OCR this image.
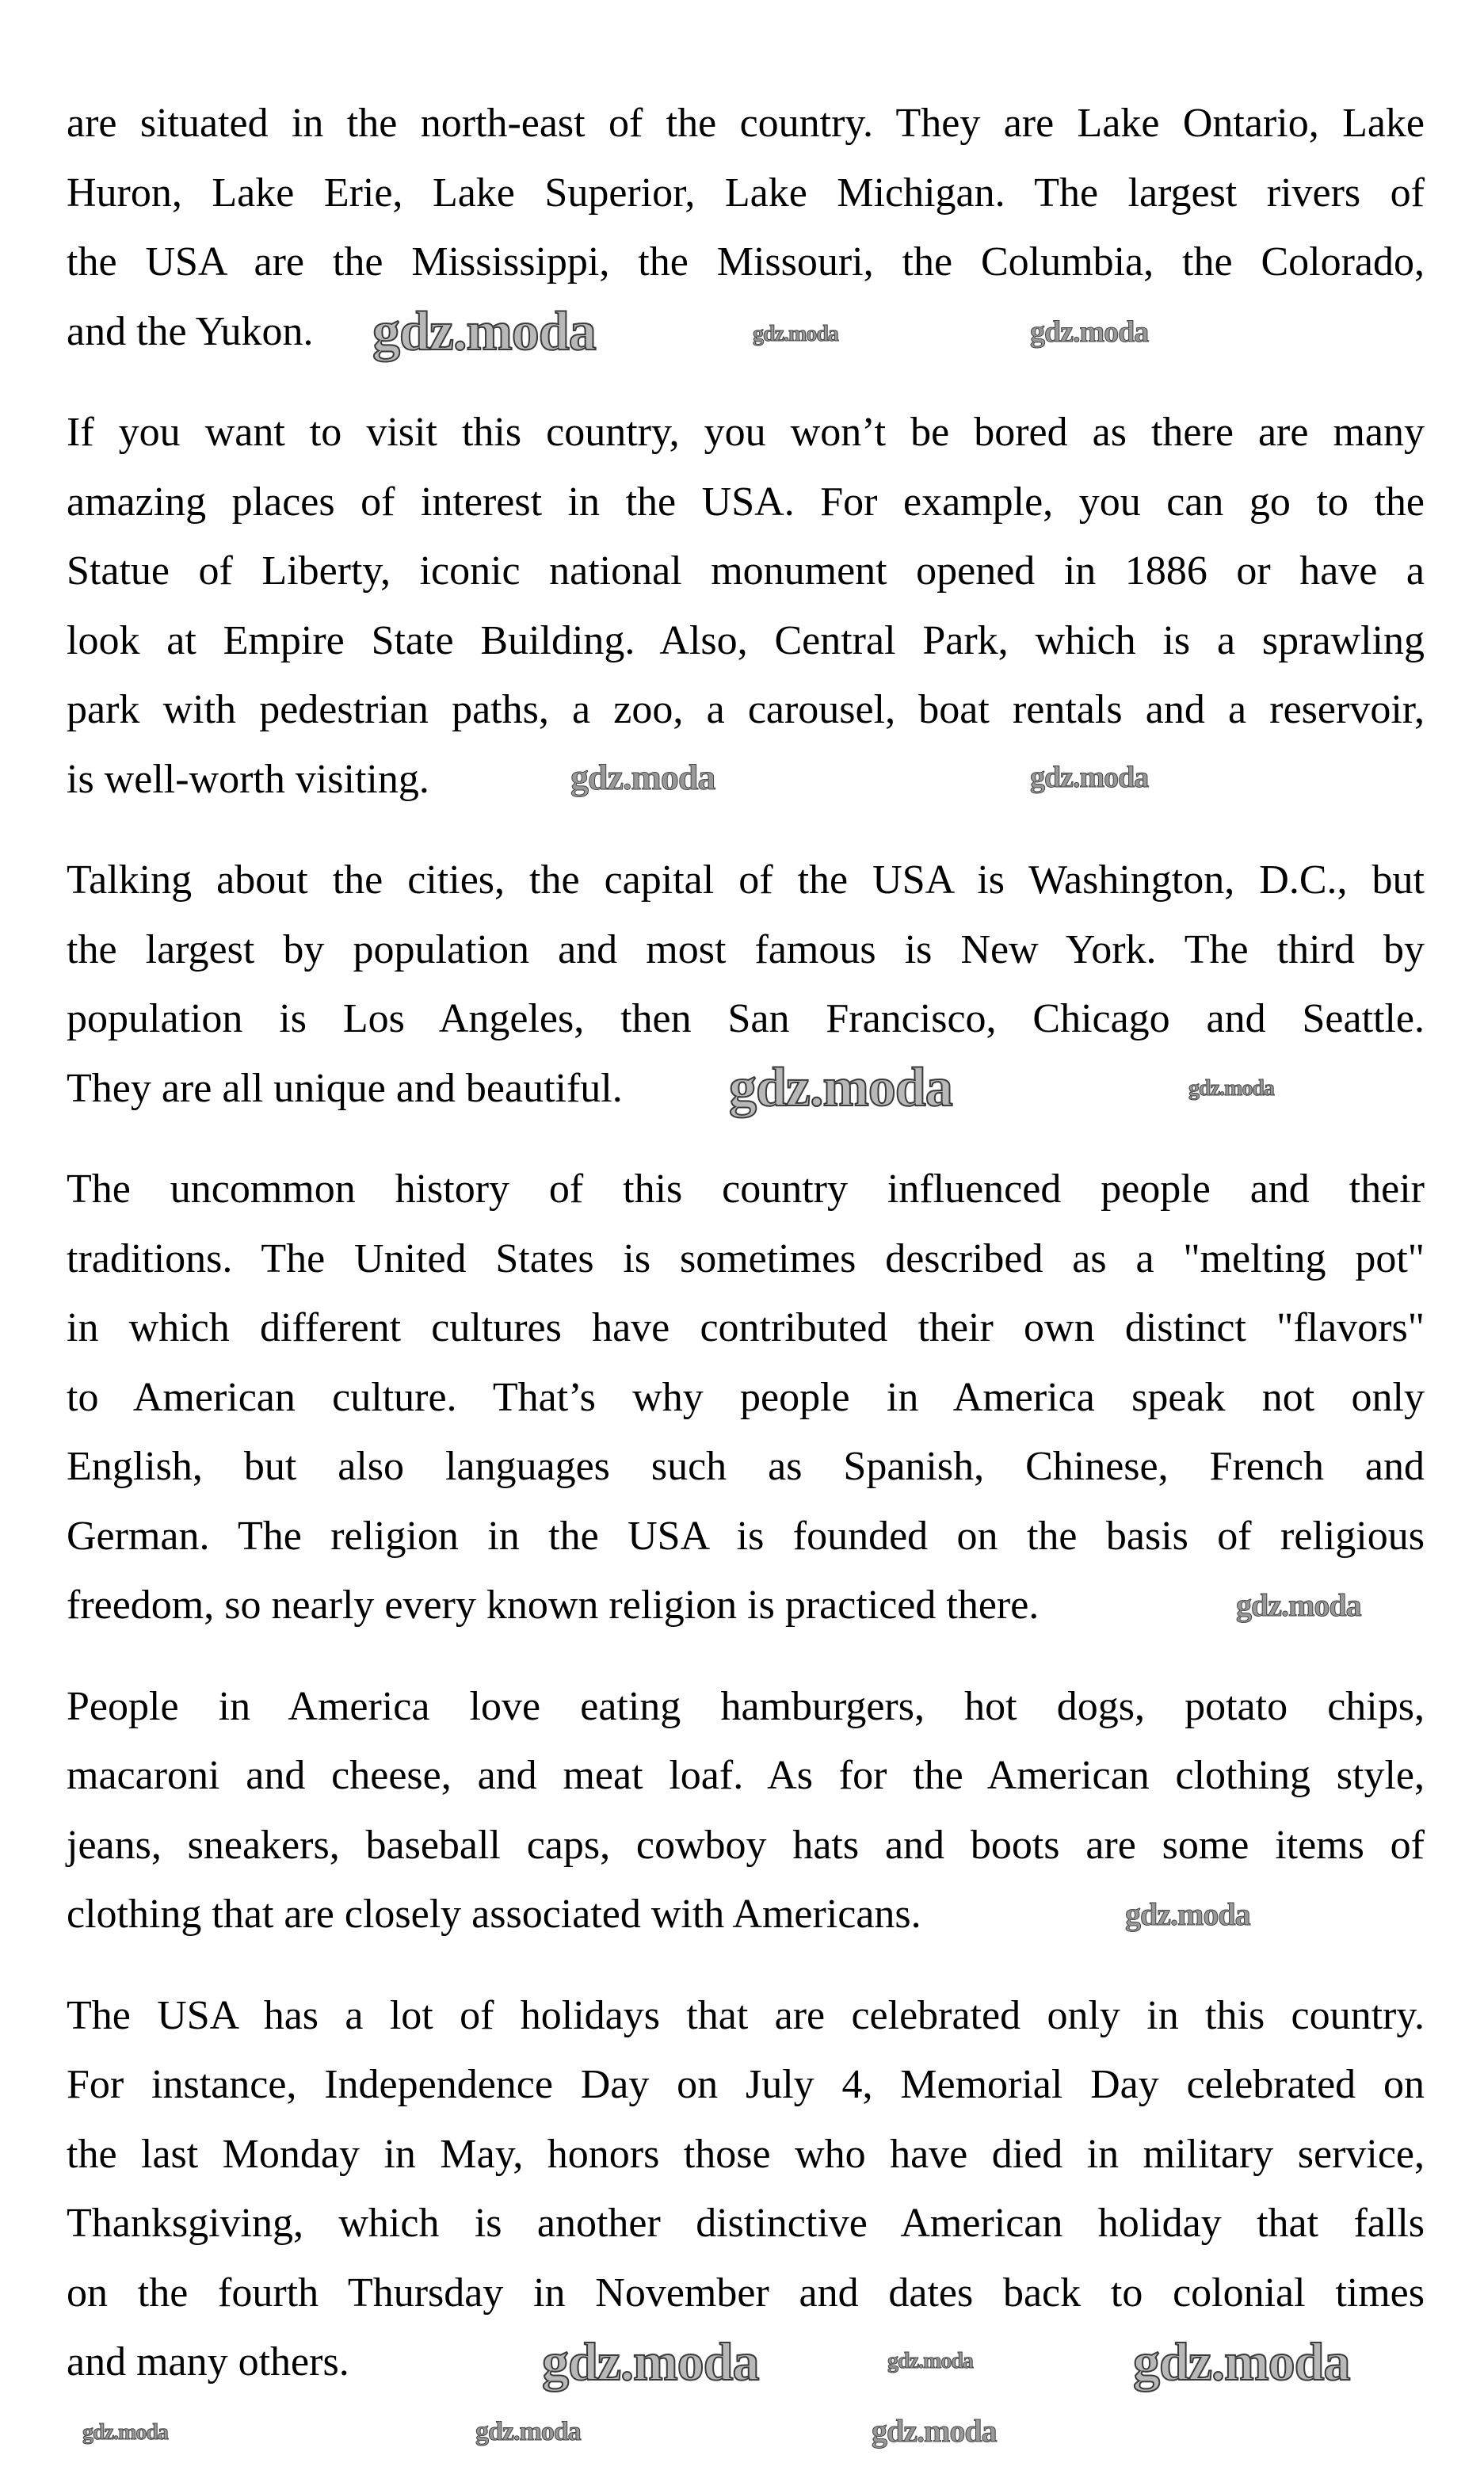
are situated in the north-east of the country. They are Lake Ontario, Lake
Huron, Lake Erie, Lake Superior, Lake Michigan. The largest rivers of
the USA are the Mississippi, the Missouri, the Columbia, the Colorado,
and the Yukon.
If you want to visit this country, you won’t be bored as there are many
amazing places of interest in the USA. For example, you can go to the
Statue of Liberty, iconic national monument opened in 1886 or have a
look at Empire State Building. Also, Central Park, which is a sprawling
park with pedestrian paths, a zoo, a carousel, boat rentals and a reservoir,
is well-worth visiting.
Talking about the cities, the capital of the USA is Washington, D.C., but
the largest by population and most famous is New York. The third by
population is Los Angeles, then San Francisco, Chicago and Seattle.
They are all unique and beautiful.
The uncommon history of this country influenced people and their
traditions. The United States is sometimes described as a "melting pot"
in which different cultures have contributed their own distinct "flavors"
to American culture. That’s why people in America speak not only
English, but also languages such as Spanish, Chinese, French and
German. The religion in the USA is founded on the basis of religious
freedom, so nearly every known religion is practiced there.
People in America love eating hamburgers, hot dogs, potato chips,
macaroni and cheese, and meat loaf. As for the American clothing style,
jeans, sneakers, baseball caps, cowboy hats and boots are some items of
clothing that are closely associated with Americans.
The USA has a lot of holidays that are celebrated only in this country.
For instance, Independence Day on July 4, Memorial Day celebrated on
the last Monday in May, honors those who have died in military service,
Thanksgiving, which is another distinctive American holiday that falls
on the fourth Thursday in November and dates back to colonial times
and many others.
gdz.moda	gdz.moda	gdz.moda
gdz.moda	gdz.moda
gdz.moda	gdz.moda
gdz.moda
gdz.moda
gdz.moda	gdz.moda	gdz.moda
gdz.moda	gdz.moda	gdz.moda
